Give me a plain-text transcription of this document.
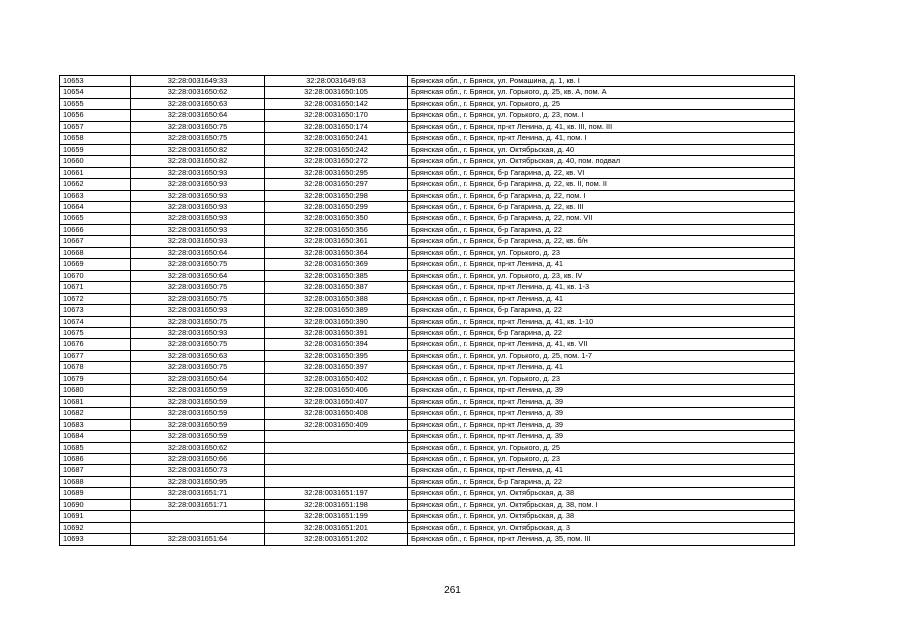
10653	32:28:0031649:33	32:28:0031649:63	Брянская обл., г. Брянск, ул. Ромашина, д. 1, кв. I
10654	32:28:0031650:62	32:28:0031650:105	Брянская обл., г. Брянск, ул. Горького, д. 25, кв. А, пом. А
10655	32:28:0031650:63	32:28:0031650:142	Брянская обл., г. Брянск, ул. Горького, д. 25
10656	32:28:0031650:64	32:28:0031650:170	Брянская обл., г. Брянск, ул. Горького, д. 23, пом. I
10657	32:28:0031650:75	32:28:0031650:174	Брянская обл., г. Брянск, пр-кт Ленина, д. 41, кв. III, пом. III
10658	32:28:0031650:75	32:28:0031650:241	Брянская обл., г. Брянск, пр-кт Ленина, д. 41, пом. I
10659	32:28:0031650:82	32:28:0031650:242	Брянская обл., г. Брянск, ул. Октябрьская, д. 40
10660	32:28:0031650:82	32:28:0031650:272	Брянская обл., г. Брянск, ул. Октябрьская, д. 40, пом. подвал
10661	32:28:0031650:93	32:28:0031650:295	Брянская обл., г. Брянск, б-р Гагарина, д. 22, кв. VI
10662	32:28:0031650:93	32:28:0031650:297	Брянская обл., г. Брянск, б-р Гагарина, д. 22, кв. II, пом. II
10663	32:28:0031650:93	32:28:0031650:298	Брянская обл., г. Брянск, б-р Гагарина, д. 22, пом. I
10664	32:28:0031650:93	32:28:0031650:299	Брянская обл., г. Брянск, б-р Гагарина, д. 22, кв. III
10665	32:28:0031650:93	32:28:0031650:350	Брянская обл., г. Брянск, б-р Гагарина, д. 22, пом. VII
10666	32:28:0031650:93	32:28:0031650:356	Брянская обл., г. Брянск, б-р Гагарина, д. 22
10667	32:28:0031650:93	32:28:0031650:361	Брянская обл., г. Брянск, б-р Гагарина, д. 22, кв. б/н
10668	32:28:0031650:64	32:28:0031650:364	Брянская обл., г. Брянск, ул. Горького, д. 23
10669	32:28:0031650:75	32:28:0031650:369	Брянская обл., г. Брянск, пр-кт Ленина, д. 41
10670	32:28:0031650:64	32:28:0031650:385	Брянская обл., г. Брянск, ул. Горького, д. 23, кв. IV
10671	32:28:0031650:75	32:28:0031650:387	Брянская обл., г. Брянск, пр-кт Ленина, д. 41, кв. 1-3
10672	32:28:0031650:75	32:28:0031650:388	Брянская обл., г. Брянск, пр-кт Ленина, д. 41
10673	32:28:0031650:93	32:28:0031650:389	Брянская обл., г. Брянск, б-р Гагарина, д. 22
10674	32:28:0031650:75	32:28:0031650:390	Брянская обл., г. Брянск, пр-кт Ленина, д. 41, кв. 1-10
10675	32:28:0031650:93	32:28:0031650:391	Брянская обл., г. Брянск, б-р Гагарина, д. 22
10676	32:28:0031650:75	32:28:0031650:394	Брянская обл., г. Брянск, пр-кт Ленина, д. 41, кв. VII
10677	32:28:0031650:63	32:28:0031650:395	Брянская обл., г. Брянск, ул. Горького, д. 25, пом. 1-7
10678	32:28:0031650:75	32:28:0031650:397	Брянская обл., г. Брянск, пр-кт Ленина, д. 41
10679	32:28:0031650:64	32:28:0031650:402	Брянская обл., г. Брянск, ул. Горького, д. 23
10680	32:28:0031650:59	32:28:0031650:406	Брянская обл., г. Брянск, пр-кт Ленина, д. 39
10681	32:28:0031650:59	32:28:0031650:407	Брянская обл., г. Брянск, пр-кт Ленина, д. 39
10682	32:28:0031650:59	32:28:0031650:408	Брянская обл., г. Брянск, пр-кт Ленина, д. 39
10683	32:28:0031650:59	32:28:0031650:409	Брянская обл., г. Брянск, пр-кт Ленина, д. 39
10684	32:28:0031650:59		Брянская обл., г. Брянск, пр-кт Ленина, д. 39
10685	32:28:0031650:62		Брянская обл., г. Брянск, ул. Горького, д. 25
10686	32:28:0031650:66		Брянская обл., г. Брянск, ул. Горького, д. 23
10687	32:28:0031650:73		Брянская обл., г. Брянск, пр-кт Ленина, д. 41
10688	32:28:0031650:95		Брянская обл., г. Брянск, б-р Гагарина, д. 22
10689	32:28:0031651:71	32:28:0031651:197	Брянская обл., г. Брянск, ул. Октябрьская, д. 38
10690	32:28:0031651:71	32:28:0031651:198	Брянская обл., г. Брянск, ул. Октябрьская, д. 38, пом. I
10691		32:28:0031651:199	Брянская обл., г. Брянск, ул. Октябрьская, д. 38
10692		32:28:0031651:201	Брянская обл., г. Брянск, ул. Октябрьская, д. 3
10693	32:28:0031651:64	32:28:0031651:202	Брянская обл., г. Брянск, пр-кт Ленина, д. 35, пом. III
261
